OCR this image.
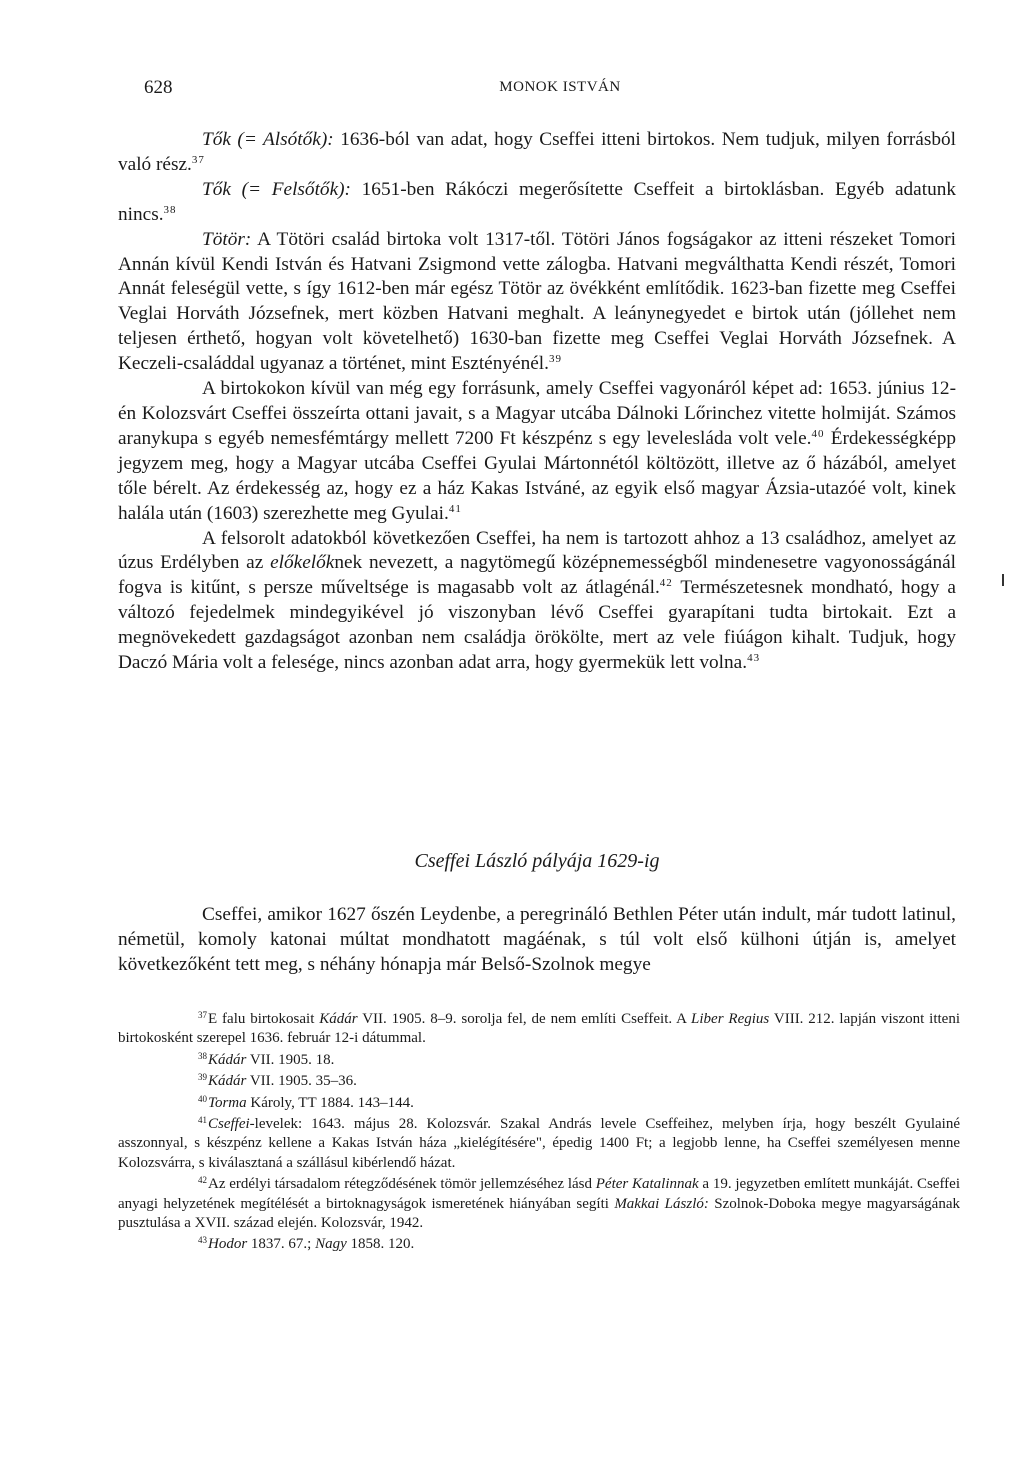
628	MONOK ISTVÁN

Tők (= Alsótők): 1636-ból van adat, hogy Cseffei itteni birtokos. Nem tudjuk, milyen forrásból való rész.$^{37}$

Tők (= Felsőtők): 1651-ben Rákóczi megerősítette Cseffeit a birtoklásban. Egyéb adatunk nincs.$^{38}$

Tötör: A Tötöri család birtoka volt 1317-től. Tötöri János fogságakor az itteni részeket Tomori Annán kívül Kendi István és Hatvani Zsigmond vette zálogba. Hatvani megválthatta Kendi részét, Tomori Annát feleségül vette, s így 1612-ben már egész Tötör az övékként említődik. 1623-ban fizette meg Cseffei Veglai Horváth Józsefnek, mert közben Hatvani meghalt. A leánynegyedet e birtok után (jóllehet nem teljesen érthető, hogyan volt követelhető) 1630-ban fizette meg Cseffei Veglai Horváth Józsefnek. A Keczeli-családdal ugyanaz a történet, mint Esztényénél.$^{39}$

A birtokokon kívül van még egy forrásunk, amely Cseffei vagyonáról képet ad: 1653. június 12-én Kolozsvárt Cseffei összeírta ottani javait, s a Magyar utcába Dálnoki Lőrinchez vitette holmiját. Számos aranykupa s egyéb nemesfémtárgy mellett 7200 Ft készpénz s egy levelesláda volt vele.$^{40}$ Érdekességképp jegyzem meg, hogy a Magyar utcába Cseffei Gyulai Mártonnétól költözött, illetve az ő házából, amelyet tőle bérelt. Az érdekesség az, hogy ez a ház Kakas Istváné, az egyik első magyar Ázsia-utazóé volt, kinek halála után (1603) szerezhette meg Gyulai.$^{41}$

A felsorolt adatokból következően Cseffei, ha nem is tartozott ahhoz a 13 családhoz, amelyet az úzus Erdélyben az előkelőknek nevezett, a nagytömegű középnemességből mindenesetre vagyonosságánál fogva is kitűnt, s persze műveltsége is magasabb volt az átlagénál.$^{42}$ Természetesnek mondható, hogy a változó fejedelmek mindegyikével jó viszonyban lévő Cseffei gyarapítani tudta birtokait. Ezt a megnövekedett gazdagságot azonban nem családja örökölte, mert az vele fiúágon kihalt. Tudjuk, hogy Daczó Mária volt a felesége, nincs azonban adat arra, hogy gyermekük lett volna.$^{43}$

Cseffei László pályája 1629-ig

Cseffei, amikor 1627 őszén Leydenbe, a peregrináló Bethlen Péter után indult, már tudott latinul, németül, komoly katonai múltat mondhatott magáénak, s túl volt első külhoni útján is, amelyet következőként tett meg, s néhány hónapja már Belső-Szolnok megye

$^{37}$E falu birtokosait Kádár VII. 1905. 8–9. sorolja fel, de nem említi Cseffeit. A Liber Regius VIII. 212. lapján viszont itteni birtokosként szerepel 1636. február 12-i dátummal.

$^{38}$Kádár VII. 1905. 18.

$^{39}$Kádár VII. 1905. 35–36.

$^{40}$Torma Károly, TT 1884. 143–144.

$^{41}$Cseffei-levelek: 1643. május 28. Kolozsvár. Szakal András levele Cseffeihez, melyben írja, hogy beszélt Gyulainé asszonnyal, s készpénz kellene a Kakas István háza „kielégítésére", épedig 1400 Ft; a legjobb lenne, ha Cseffei személyesen menne Kolozsvárra, s kiválasztaná a szállásul kibérlendő házat.

$^{42}$Az erdélyi társadalom rétegződésének tömör jellemzéséhez lásd Péter Katalinnak a 19. jegyzetben említett munkáját. Cseffei anyagi helyzetének megítélését a birtoknagyságok ismeretének hiányában segíti Makkai László: Szolnok-Doboka megye magyarságának pusztulása a XVII. század elején. Kolozsvár, 1942.

$^{43}$Hodor 1837. 67.; Nagy 1858. 120.
